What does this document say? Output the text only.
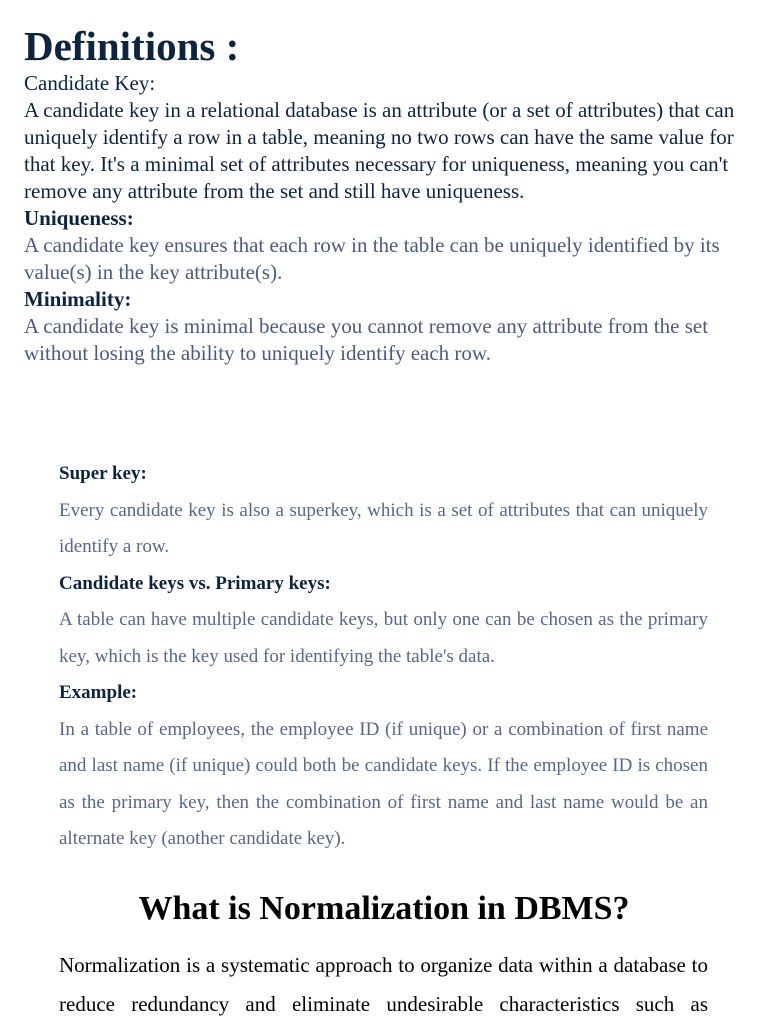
Definitions :

Candidate Key:

A candidate key in a relational database is an attribute (or a set of attributes) that can uniquely identify a row in a table, meaning no two rows can have the same value for that key. It's a minimal set of attributes necessary for uniqueness, meaning you can't remove any attribute from the set and still have uniqueness.

Uniqueness:

A candidate key ensures that each row in the table can be uniquely identified by its value(s) in the key attribute(s).

Minimality:

A candidate key is minimal because you cannot remove any attribute from the set without losing the ability to uniquely identify each row.

Super key:

Every candidate key is also a superkey, which is a set of attributes that can uniquely identify a row.

Candidate keys vs. Primary keys:

A table can have multiple candidate keys, but only one can be chosen as the primary key, which is the key used for identifying the table's data.

Example:

In a table of employees, the employee ID (if unique) or a combination of first name and last name (if unique) could both be candidate keys. If the employee ID is chosen as the primary key, then the combination of first name and last name would be an alternate key (another candidate key).

What is Normalization in DBMS?

Normalization is a systematic approach to organize data within a database to reduce redundancy and eliminate undesirable characteristics such as
